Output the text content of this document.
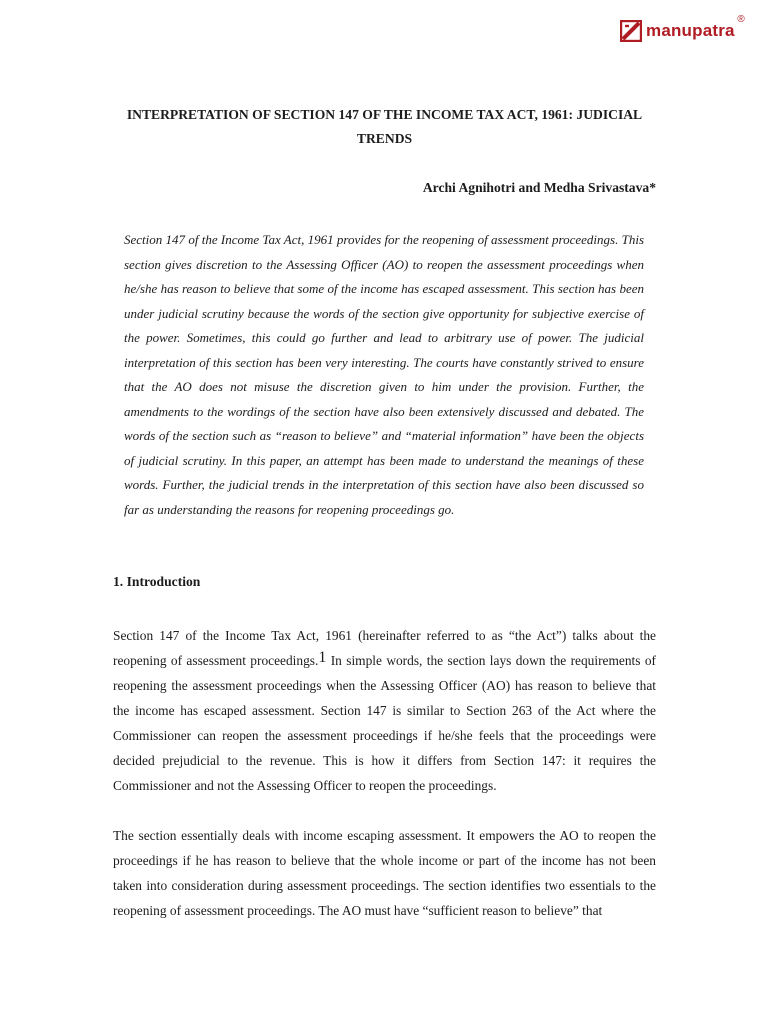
manupatra
®
INTERPRETATION OF SECTION 147 OF THE INCOME TAX ACT, 1961: JUDICIAL TRENDS

Archi Agnihotri and Medha Srivastava*

Section 147 of the Income Tax Act, 1961 provides for the reopening of assessment proceedings. This section gives discretion to the Assessing Officer (AO) to reopen the assessment proceedings when he/she has reason to believe that some of the income has escaped assessment. This section has been under judicial scrutiny because the words of the section give opportunity for subjective exercise of the power. Sometimes, this could go further and lead to arbitrary use of power. The judicial interpretation of this section has been very interesting. The courts have constantly strived to ensure that the AO does not misuse the discretion given to him under the provision. Further, the amendments to the wordings of the section have also been extensively discussed and debated. The words of the section such as “reason to believe” and “material information” have been the objects of judicial scrutiny. In this paper, an attempt has been made to understand the meanings of these words. Further, the judicial trends in the interpretation of this section have also been discussed so far as understanding the reasons for reopening proceedings go.

1. Introduction

Section 147 of the Income Tax Act, 1961 (hereinafter referred to as “the Act”) talks about the reopening of assessment proceedings.1 In simple words, the section lays down the requirements of reopening the assessment proceedings when the Assessing Officer (AO) has reason to believe that the income has escaped assessment. Section 147 is similar to Section 263 of the Act where the Commissioner can reopen the assessment proceedings if he/she feels that the proceedings were decided prejudicial to the revenue. This is how it differs from Section 147: it requires the Commissioner and not the Assessing Officer to reopen the proceedings.

The section essentially deals with income escaping assessment. It empowers the AO to reopen the proceedings if he has reason to believe that the whole income or part of the income has not been taken into consideration during assessment proceedings. The section identifies two essentials to the reopening of assessment proceedings. The AO must have “sufficient reason to believe” that
